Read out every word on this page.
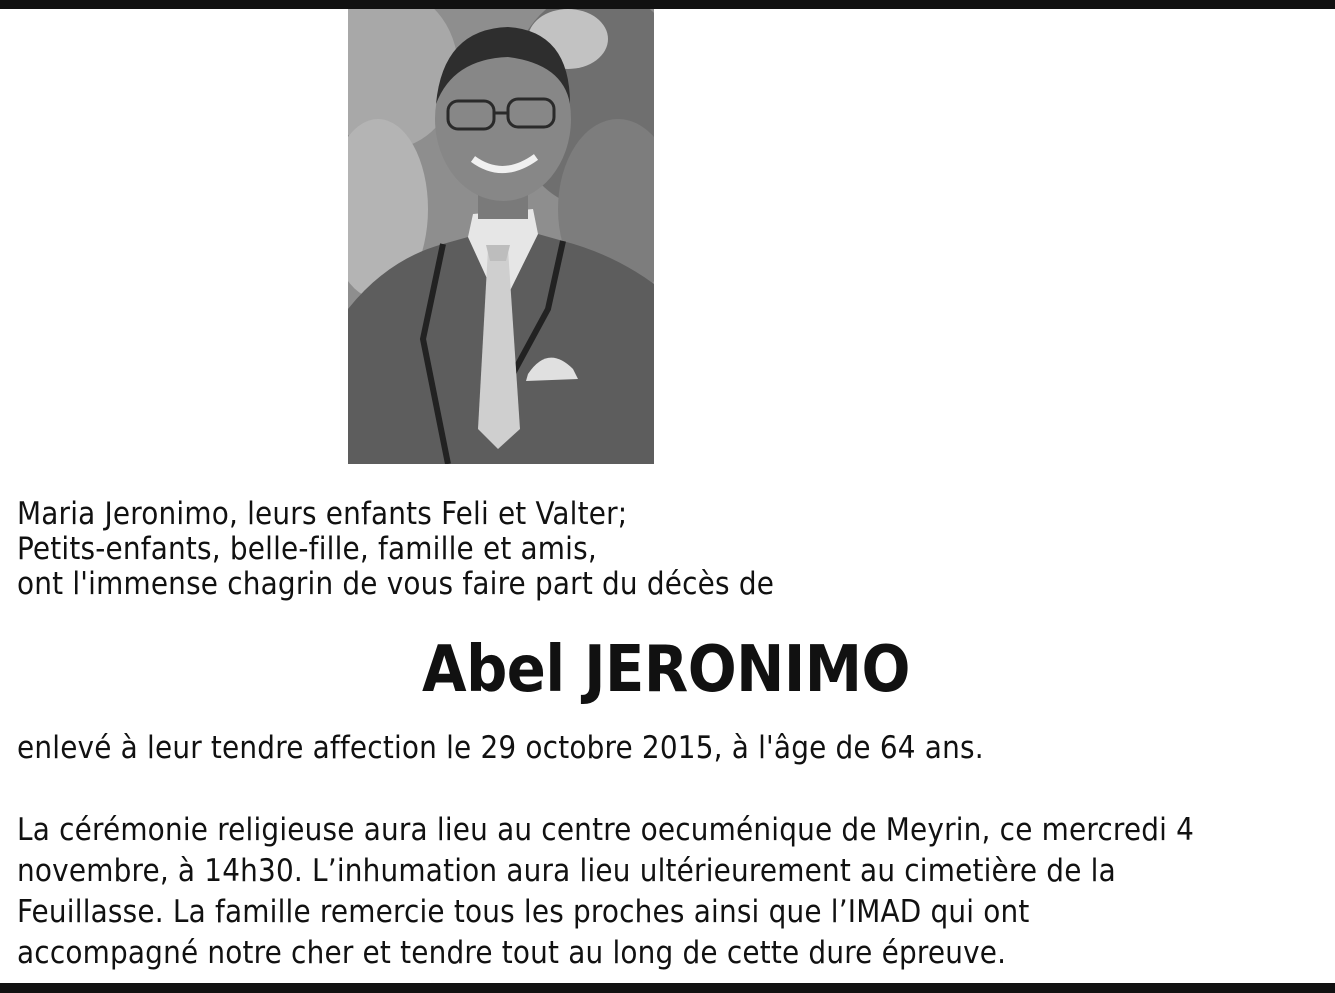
Maria Jeronimo, leurs enfants Feli et Valter;
Petits-enfants, belle-fille, famille et amis,
ont l'immense chagrin de vous faire part du décès de

Abel JERONIMO

enlevé à leur tendre affection le 29 octobre 2015, à l'âge de 64 ans.

La cérémonie religieuse aura lieu au centre oecuménique de Meyrin, ce mercredi 4
novembre, à 14h30. L’inhumation aura lieu ultérieurement au cimetière de la
Feuillasse. La famille remercie tous les proches ainsi que l’IMAD qui ont
accompagné notre cher et tendre tout au long de cette dure épreuve.
